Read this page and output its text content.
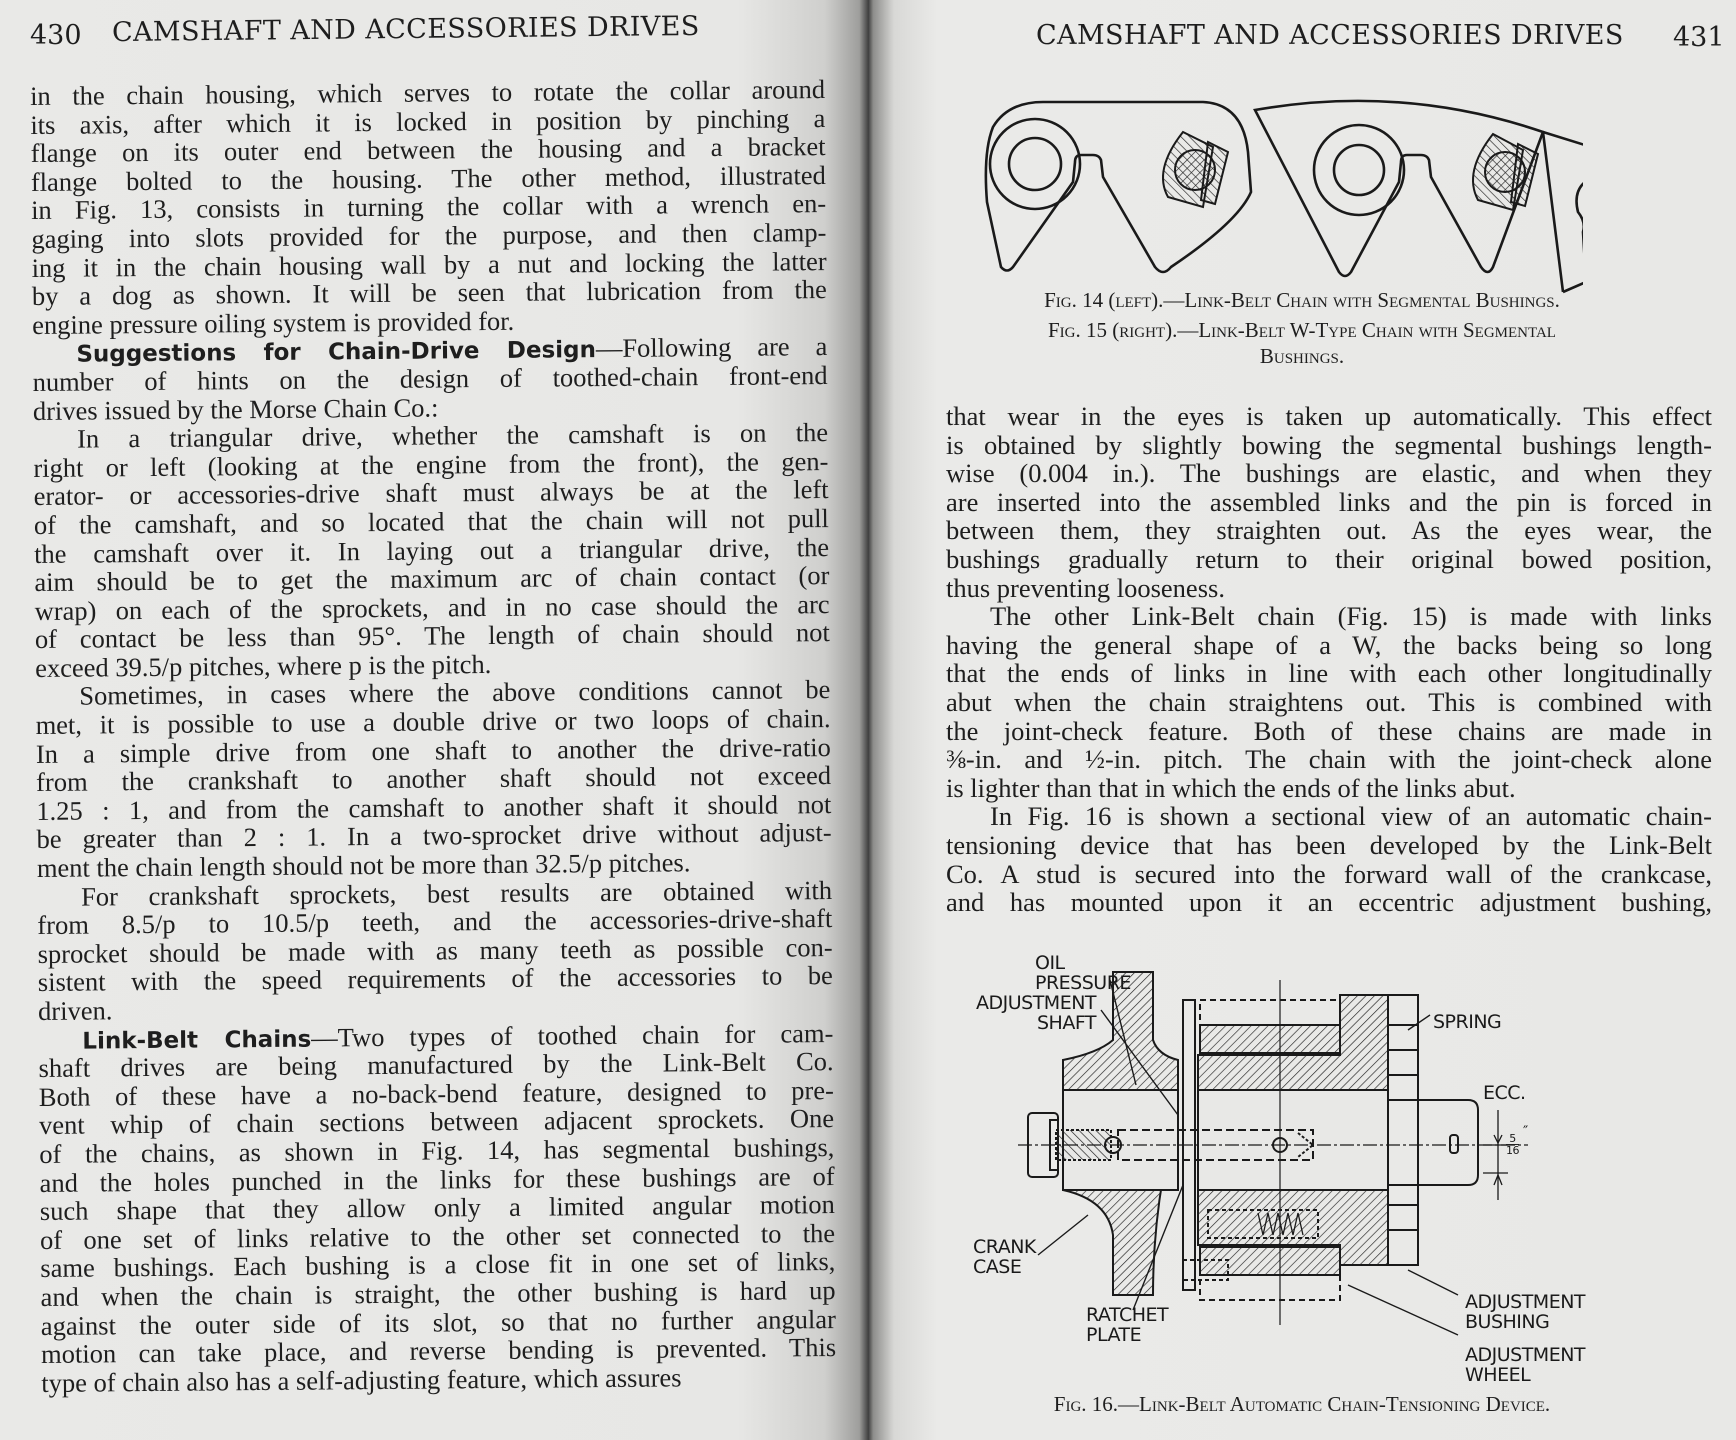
430 CAMSHAFT AND ACCESSORIES DRIVES
in the chain housing, which serves to rotate the collar around
its axis, after which it is locked in position by pinching a
flange on its outer end between the housing and a bracket
flange bolted to the housing. The other method, illustrated
in Fig. 13, consists in turning the collar with a wrench en-
gaging into slots provided for the purpose, and then clamp-
ing it in the chain housing wall by a nut and locking the latter
by a dog as shown. It will be seen that lubrication from the
engine pressure oiling system is provided for.
Suggestions for Chain-Drive Design—Following are a
number of hints on the design of toothed-chain front-end
drives issued by the Morse Chain Co.:
In a triangular drive, whether the camshaft is on the
right or left (looking at the engine from the front), the gen-
erator- or accessories-drive shaft must always be at the left
of the camshaft, and so located that the chain will not pull
the camshaft over it. In laying out a triangular drive, the
aim should be to get the maximum arc of chain contact (or
wrap) on each of the sprockets, and in no case should the arc
of contact be less than 95°. The length of chain should not
exceed 39.5/p pitches, where p is the pitch.
Sometimes, in cases where the above conditions cannot be
met, it is possible to use a double drive or two loops of chain.
In a simple drive from one shaft to another the drive-ratio
from the crankshaft to another shaft should not exceed
1.25 : 1, and from the camshaft to another shaft it should not
be greater than 2 : 1. In a two-sprocket drive without adjust-
ment the chain length should not be more than 32.5/p pitches.
For crankshaft sprockets, best results are obtained with
from 8.5/p to 10.5/p teeth, and the accessories-drive-shaft
sprocket should be made with as many teeth as possible con-
sistent with the speed requirements of the accessories to be
driven.
Link-Belt Chains—Two types of toothed chain for cam-
shaft drives are being manufactured by the Link-Belt Co.
Both of these have a no-back-bend feature, designed to pre-
vent whip of chain sections between adjacent sprockets. One
of the chains, as shown in Fig. 14, has segmental bushings,
and the holes punched in the links for these bushings are of
such shape that they allow only a limited angular motion
of one set of links relative to the other set connected to the
same bushings. Each bushing is a close fit in one set of links,
and when the chain is straight, the other bushing is hard up
against the outer side of its slot, so that no further angular
motion can take place, and reverse bending is prevented. This
type of chain also has a self-adjusting feature, which assures
CAMSHAFT AND ACCESSORIES DRIVES 431
Fig. 14 (left).—Link-Belt Chain with Segmental Bushings.
Fig. 15 (right).—Link-Belt W-Type Chain with Segmental
Bushings.
that wear in the eyes is taken up automatically. This effect
is obtained by slightly bowing the segmental bushings length-
wise (0.004 in.). The bushings are elastic, and when they
are inserted into the assembled links and the pin is forced in
between them, they straighten out. As the eyes wear, the
bushings gradually return to their original bowed position,
thus preventing looseness.
The other Link-Belt chain (Fig. 15) is made with links
having the general shape of a W, the backs being so long
that the ends of links in line with each other longitudinally
abut when the chain straightens out. This is combined with
the joint-check feature. Both of these chains are made in
⅜-in. and ½-in. pitch. The chain with the joint-check alone
is lighter than that in which the ends of the links abut.
In Fig. 16 is shown a sectional view of an automatic chain-
tensioning device that has been developed by the Link-Belt
Co. A stud is secured into the forward wall of the crankcase,
and has mounted upon it an eccentric adjustment bushing,
OIL
PRESSURE
ADJUSTMENT
SHAFT	SPRING
ECC.
$\frac{5}{16}$
″
CRANK
CASE
RATCHET
PLATE
ADJUSTMENT
BUSHING
ADJUSTMENT
WHEEL
Fig. 16.—Link-Belt Automatic Chain-Tensioning Device.
